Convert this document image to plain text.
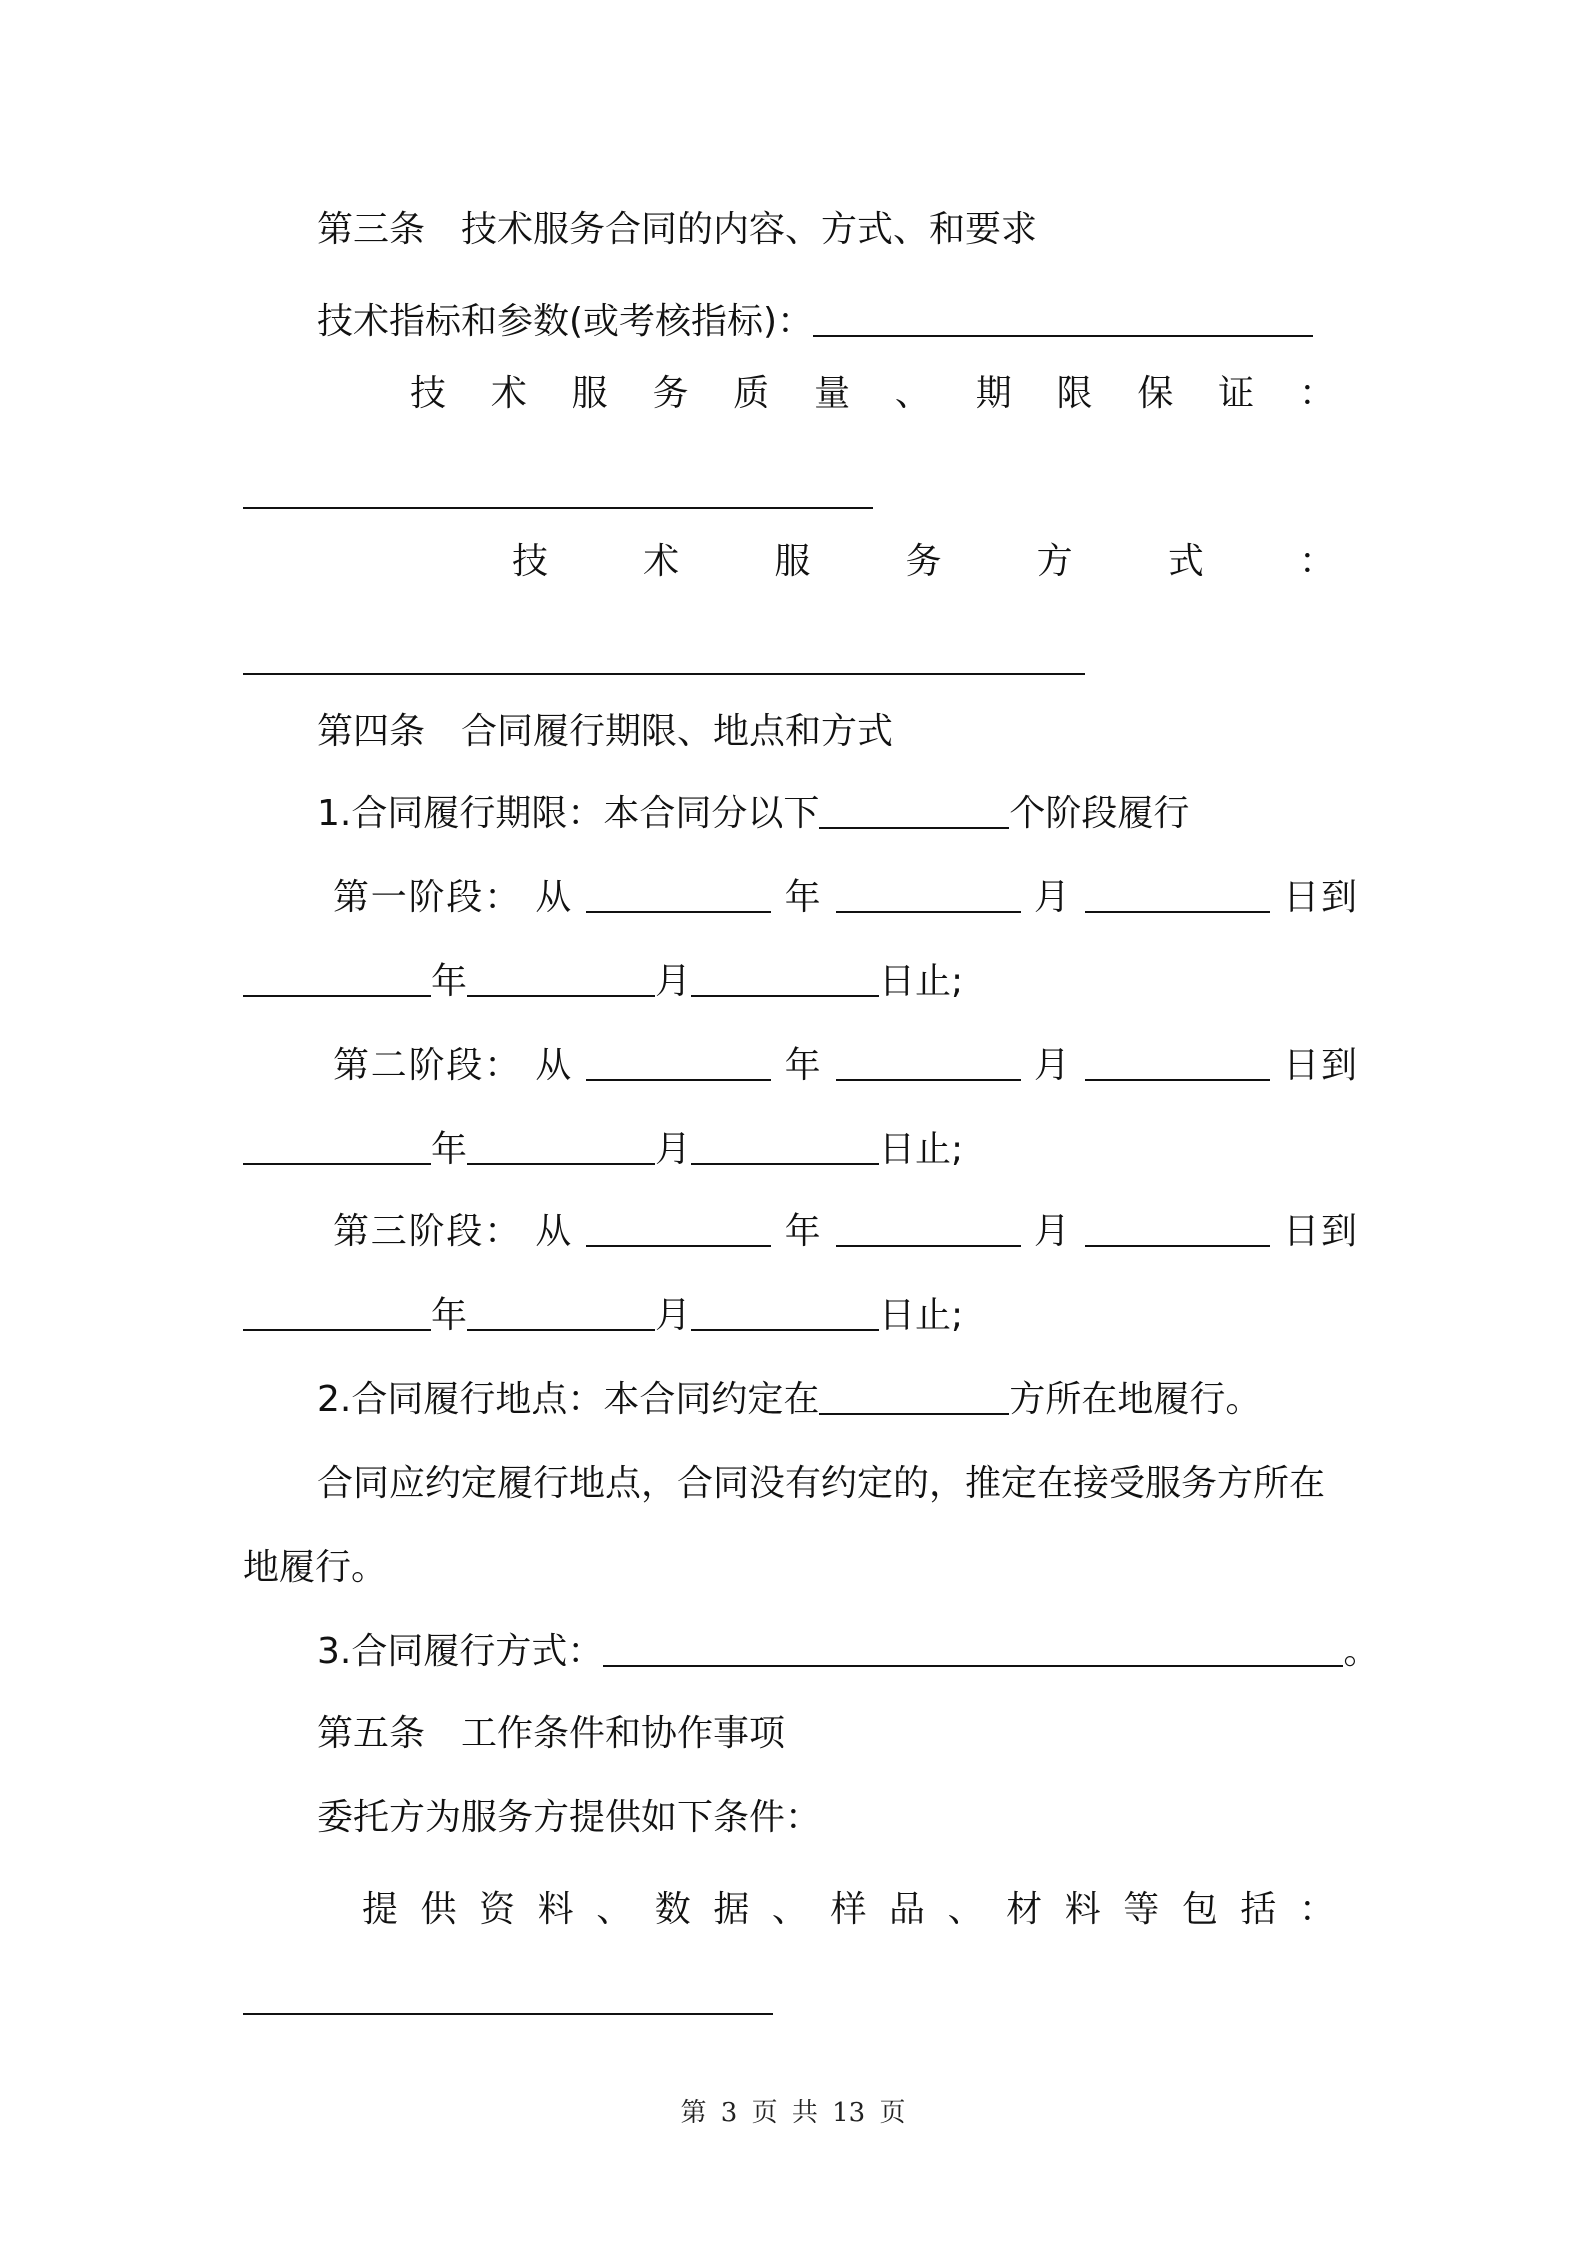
第三条　技术服务合同的内容、方式、和要求
技术指标和参数(或考核指标)：
技术服务质量、期限保证：
技术服务方式：
第四条　合同履行期限、地点和方式
1.合同履行期限：本合同分以下	个阶段履行
第一阶段： 从	年	月	日到
年	月	日止;
第二阶段： 从	年	月	日到
年	月	日止;
第三阶段： 从	年	月	日到
年	月	日止;
2.合同履行地点：本合同约定在	方所在地履行。
合同应约定履行地点，合同没有约定的，推定在接受服务方所在
地履行。
3.合同履行方式：	。
第五条　工作条件和协作事项
委托方为服务方提供如下条件：
提供资料、数据、样品、材料等包括：
第 3 页 共 13 页
